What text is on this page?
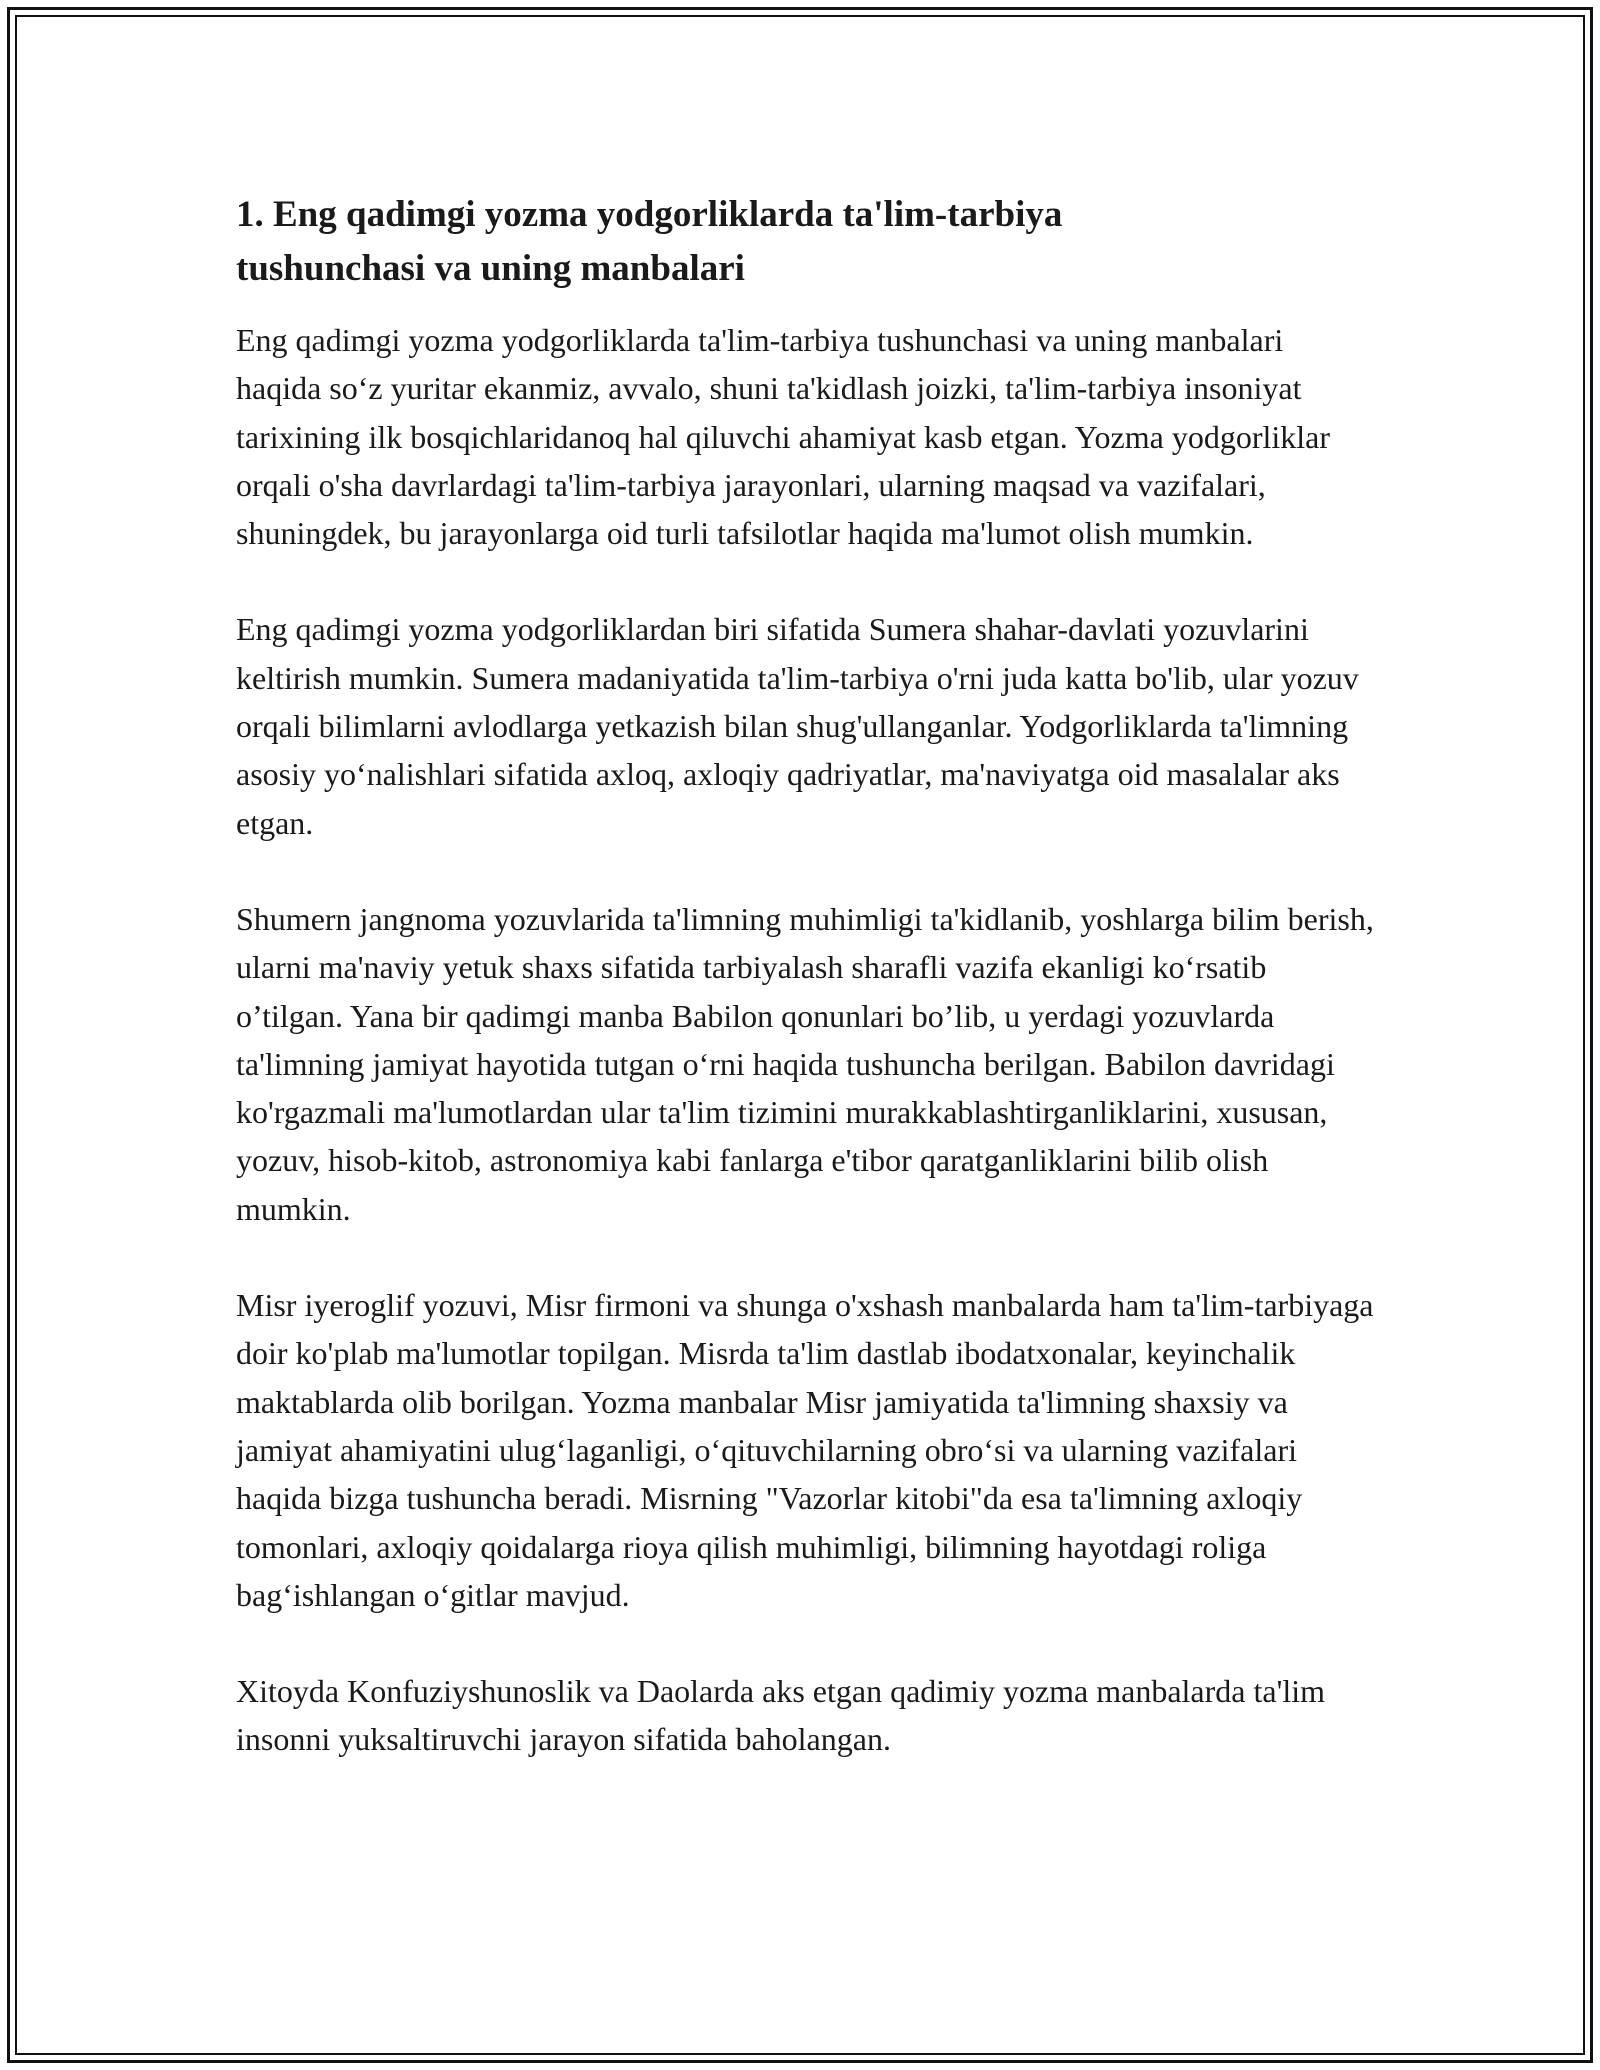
1. Eng qadimgi yozma yodgorliklarda ta'lim-tarbiya tushunchasi va uning manbalari

Eng qadimgi yozma yodgorliklarda ta'lim-tarbiya tushunchasi va uning manbalari haqida so‘z yuritar ekanmiz, avvalo, shuni ta'kidlash joizki, ta'lim-tarbiya insoniyat tarixining ilk bosqichlaridanoq hal qiluvchi ahamiyat kasb etgan. Yozma yodgorliklar orqali o'sha davrlardagi ta'lim-tarbiya jarayonlari, ularning maqsad va vazifalari, shuningdek, bu jarayonlarga oid turli tafsilotlar haqida ma'lumot olish mumkin.

Eng qadimgi yozma yodgorliklardan biri sifatida Sumera shahar-davlati yozuvlarini keltirish mumkin. Sumera madaniyatida ta'lim-tarbiya o'rni juda katta bo'lib, ular yozuv orqali bilimlarni avlodlarga yetkazish bilan shug'ullanganlar. Yodgorliklarda ta'limning asosiy yo‘nalishlari sifatida axloq, axloqiy qadriyatlar, ma'naviyatga oid masalalar aks etgan.

Shumern jangnoma yozuvlarida ta'limning muhimligi ta'kidlanib, yoshlarga bilim berish, ularni ma'naviy yetuk shaxs sifatida tarbiyalash sharafli vazifa ekanligi ko‘rsatib o’tilgan. Yana bir qadimgi manba Babilon qonunlari bo’lib, u yerdagi yozuvlarda ta'limning jamiyat hayotida tutgan o‘rni haqida tushuncha berilgan. Babilon davridagi ko'rgazmali ma'lumotlardan ular ta'lim tizimini murakkablashtirganliklarini, xususan, yozuv, hisob-kitob, astronomiya kabi fanlarga e'tibor qaratganliklarini bilib olish mumkin.

Misr iyeroglif yozuvi, Misr firmoni va shunga o'xshash manbalarda ham ta'lim-tarbiyaga doir ko'plab ma'lumotlar topilgan. Misrda ta'lim dastlab ibodatxonalar, keyinchalik maktablarda olib borilgan. Yozma manbalar Misr jamiyatida ta'limning shaxsiy va jamiyat ahamiyatini ulug‘laganligi, o‘qituvchilarning obro‘si va ularning vazifalari haqida bizga tushuncha beradi. Misrning "Vazorlar kitobi"da esa ta'limning axloqiy tomonlari, axloqiy qoidalarga rioya qilish muhimligi, bilimning hayotdagi roliga bag‘ishlangan o‘gitlar mavjud.

Xitoyda Konfuziyshunoslik va Daolarda aks etgan qadimiy yozma manbalarda ta'lim insonni yuksaltiruvchi jarayon sifatida baholangan.
